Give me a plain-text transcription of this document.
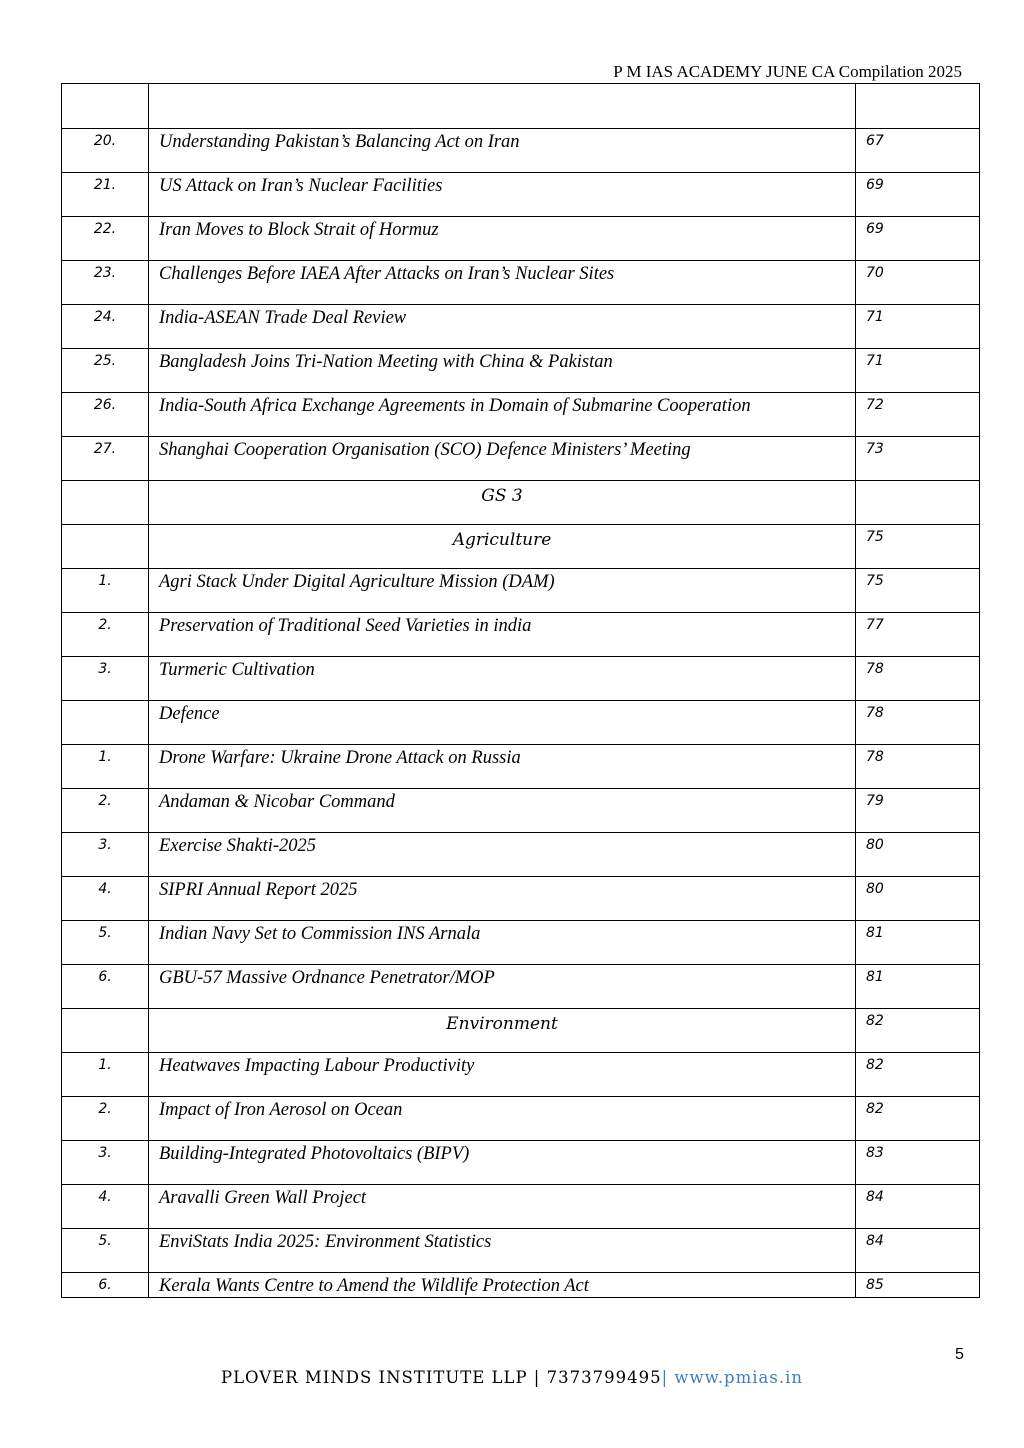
P M IAS ACADEMY JUNE CA Compilation 2025

20.	Understanding Pakistan’s Balancing Act on Iran	67
21.	US Attack on Iran’s Nuclear Facilities	69
22.	Iran Moves to Block Strait of Hormuz	69
23.	Challenges Before IAEA After Attacks on Iran’s Nuclear Sites	70
24.	India-ASEAN Trade Deal Review	71
25.	Bangladesh Joins Tri-Nation Meeting with China & Pakistan	71
26.	India-South Africa Exchange Agreements in Domain of Submarine Cooperation	72
27.	Shanghai Cooperation Organisation (SCO) Defence Ministers’ Meeting	73
	GS 3	
	Agriculture	75
1.	Agri Stack Under Digital Agriculture Mission (DAM)	75
2.	Preservation of Traditional Seed Varieties in india	77
3.	Turmeric Cultivation	78
	Defence	78
1.	Drone Warfare: Ukraine Drone Attack on Russia	78
2.	Andaman & Nicobar Command	79
3.	Exercise Shakti-2025	80
4.	SIPRI Annual Report 2025	80
5.	Indian Navy Set to Commission INS Arnala	81
6.	GBU-57 Massive Ordnance Penetrator/MOP	81
	Environment	82
1.	Heatwaves Impacting Labour Productivity	82
2.	Impact of Iron Aerosol on Ocean	82
3.	Building-Integrated Photovoltaics (BIPV)	83
4.	Aravalli Green Wall Project	84
5.	EnviStats India 2025: Environment Statistics	84
6.	Kerala Wants Centre to Amend the Wildlife Protection Act	85
5
PLOVER MINDS INSTITUTE LLP | 7373799495| www.pmias.in
